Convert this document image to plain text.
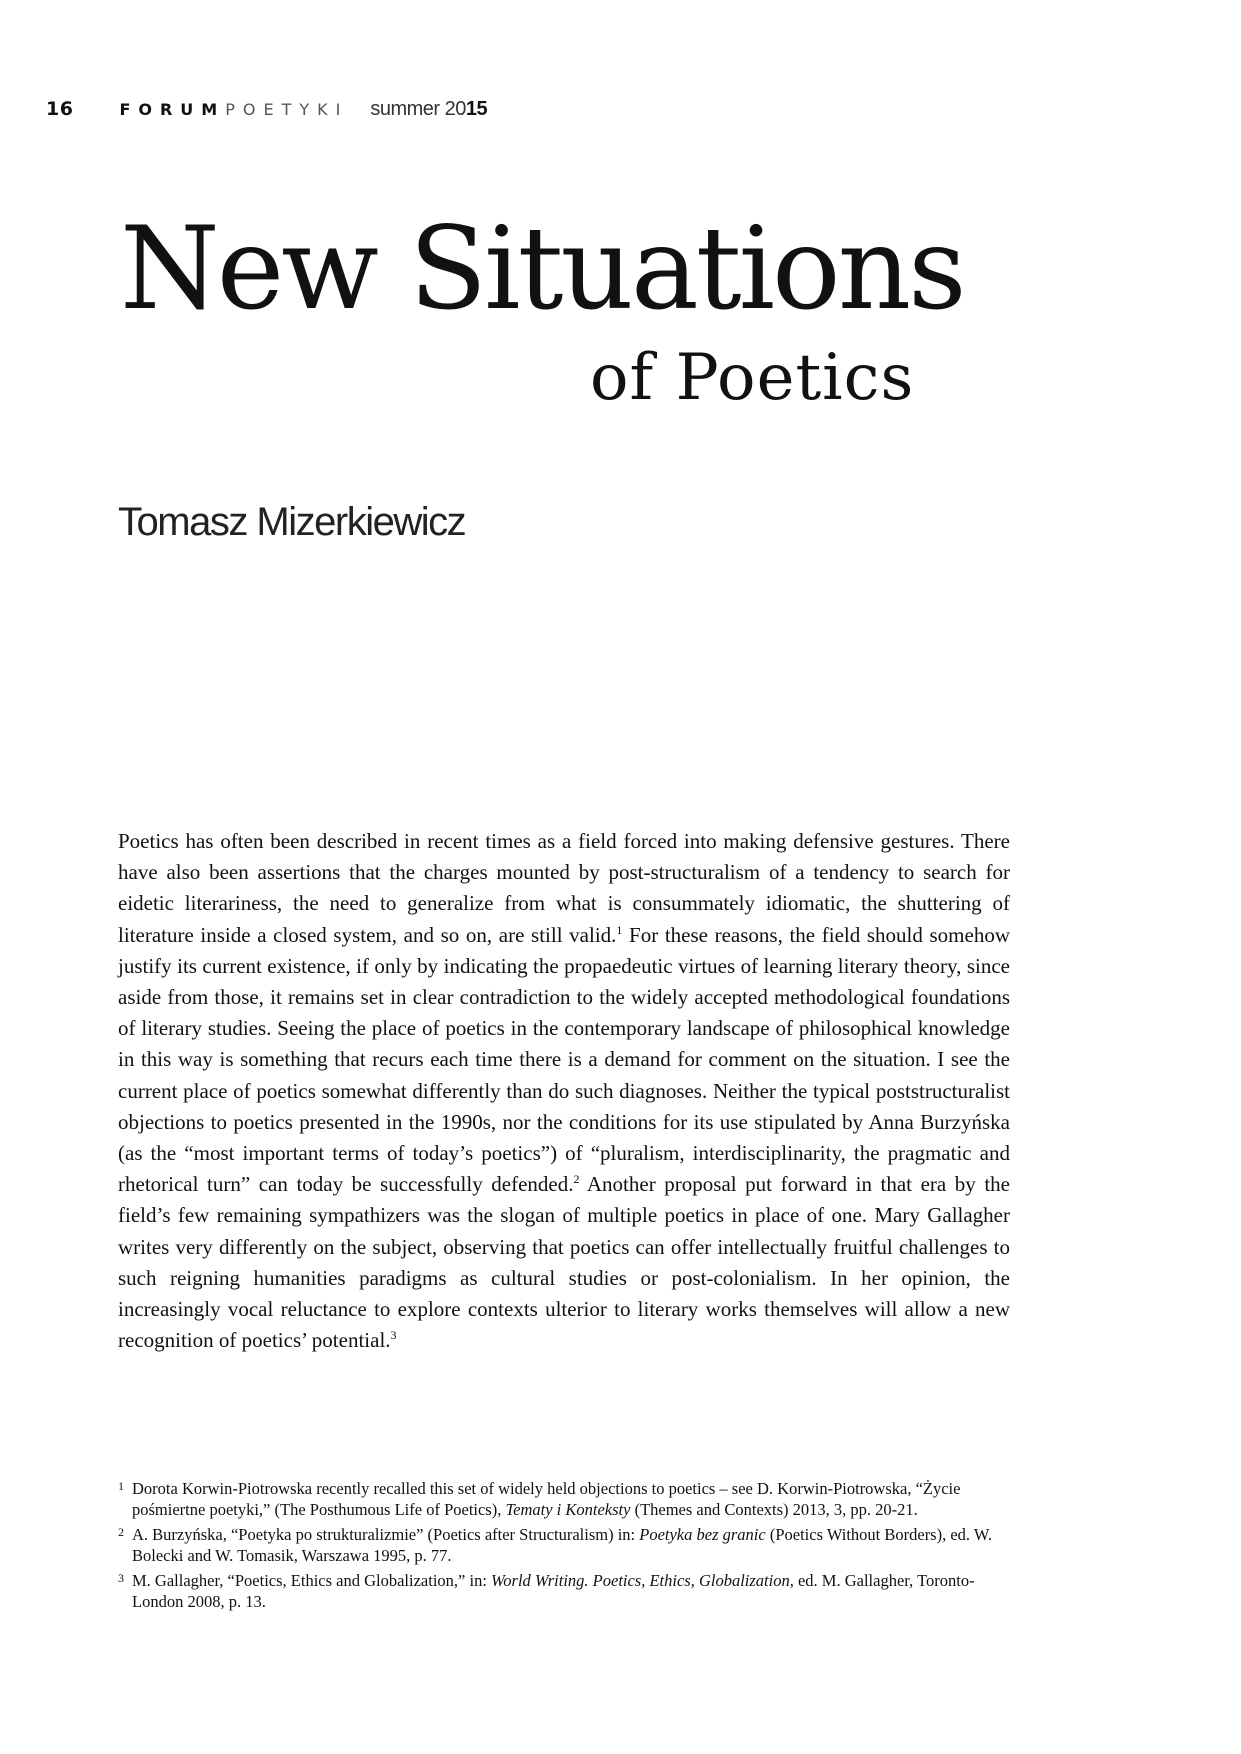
16	FORUMPOETYKI summer 2015
New Situations
of Poetics
Tomasz Mizerkiewicz
Poetics has often been described in recent times as a field forced into making defensive gestures. There have also been assertions that the charges mounted by post-structuralism of a tendency to search for eidetic literariness, the need to generalize from what is consummately idiomatic, the shuttering of literature inside a closed system, and so on, are still valid.$^1$ For these reasons, the field should somehow justify its current existence, if only by indicating the propaedeutic virtues of learning literary theory, since aside from those, it remains set in clear contradiction to the widely accepted methodological foundations of literary studies. Seeing the place of poetics in the contemporary landscape of philosophical knowledge in this way is something that recurs each time there is a demand for comment on the situation. I see the current place of poetics somewhat differently than do such diagnoses. Neither the typical poststructuralist objections to poetics presented in the 1990s, nor the conditions for its use stipulated by Anna Burzyńska (as the “most important terms of today’s poetics”) of “pluralism, interdisciplinarity, the pragmatic and rhetorical turn” can today be successfully defended.$^2$ Another proposal put forward in that era by the field’s few remaining sympathizers was the slogan of multiple poetics in place of one. Mary Gallagher writes very differently on the subject, observing that poetics can offer intellectually fruitful challenges to such reigning humanities paradigms as cultural studies or post-colonialism. In her opinion, the increasingly vocal reluctance to explore contexts ulterior to literary works themselves will allow a new recognition of poetics’ potential.$^3$
1 Dorota Korwin-Piotrowska recently recalled this set of widely held objections to poetics – see D. Korwin-Piotrowska, “Życie pośmiertne poetyki,” (The Posthumous Life of Poetics), Tematy i Konteksty (Themes and Contexts) 2013, 3, pp. 20-21.
2 A. Burzyńska, “Poetyka po strukturalizmie” (Poetics after Structuralism) in: Poetyka bez granic (Poetics Without Borders), ed. W. Bolecki and W. Tomasik, Warszawa 1995, p. 77.
3 M. Gallagher, “Poetics, Ethics and Globalization,” in: World Writing. Poetics, Ethics, Globalization, ed. M. Gallagher, Toronto-London 2008, p. 13.
